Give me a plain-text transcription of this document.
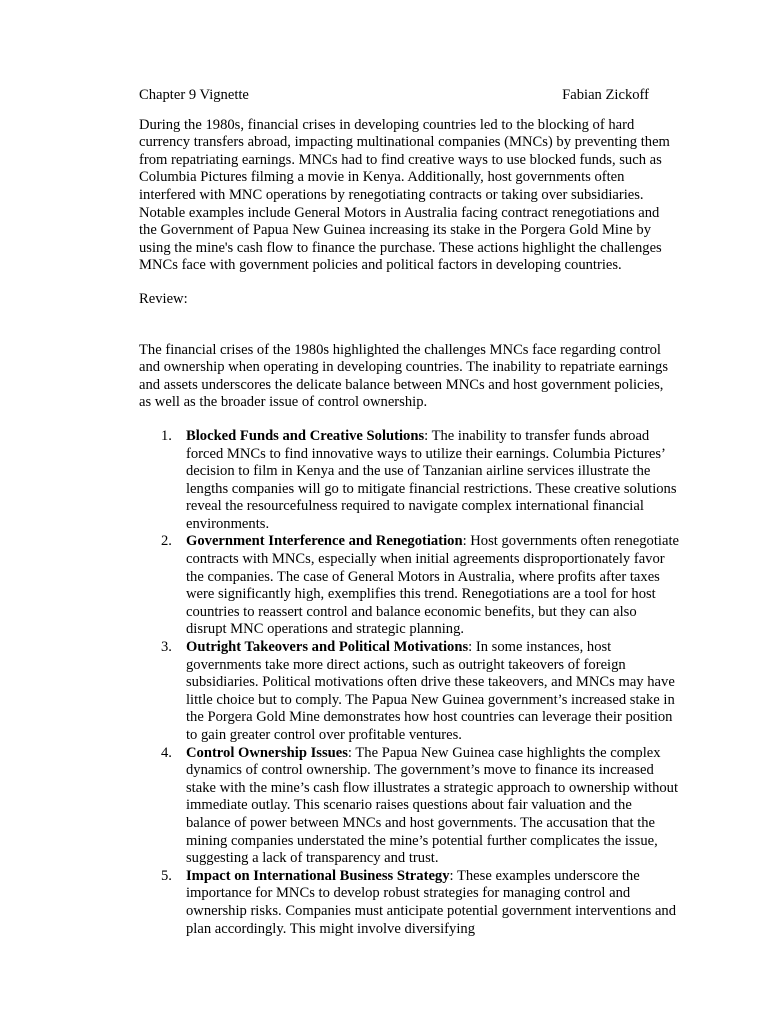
Chapter 9 Vignette	Fabian Zickoff

During the 1980s, financial crises in developing countries led to the blocking of hard currency transfers abroad, impacting multinational companies (MNCs) by preventing them from repatriating earnings. MNCs had to find creative ways to use blocked funds, such as Columbia Pictures filming a movie in Kenya. Additionally, host governments often interfered with MNC operations by renegotiating contracts or taking over subsidiaries. Notable examples include General Motors in Australia facing contract renegotiations and the Government of Papua New Guinea increasing its stake in the Porgera Gold Mine by using the mine's cash flow to finance the purchase. These actions highlight the challenges MNCs face with government policies and political factors in developing countries.

Review:

The financial crises of the 1980s highlighted the challenges MNCs face regarding control and ownership when operating in developing countries. The inability to repatriate earnings and assets underscores the delicate balance between MNCs and host government policies, as well as the broader issue of control ownership.

1. Blocked Funds and Creative Solutions: The inability to transfer funds abroad forced MNCs to find innovative ways to utilize their earnings. Columbia Pictures’ decision to film in Kenya and the use of Tanzanian airline services illustrate the lengths companies will go to mitigate financial restrictions. These creative solutions reveal the resourcefulness required to navigate complex international financial environments.
2. Government Interference and Renegotiation: Host governments often renegotiate contracts with MNCs, especially when initial agreements disproportionately favor the companies. The case of General Motors in Australia, where profits after taxes were significantly high, exemplifies this trend. Renegotiations are a tool for host countries to reassert control and balance economic benefits, but they can also disrupt MNC operations and strategic planning.
3. Outright Takeovers and Political Motivations: In some instances, host governments take more direct actions, such as outright takeovers of foreign subsidiaries. Political motivations often drive these takeovers, and MNCs may have little choice but to comply. The Papua New Guinea government’s increased stake in the Porgera Gold Mine demonstrates how host countries can leverage their position to gain greater control over profitable ventures.
4. Control Ownership Issues: The Papua New Guinea case highlights the complex dynamics of control ownership. The government’s move to finance its increased stake with the mine’s cash flow illustrates a strategic approach to ownership without immediate outlay. This scenario raises questions about fair valuation and the balance of power between MNCs and host governments. The accusation that the mining companies understated the mine’s potential further complicates the issue, suggesting a lack of transparency and trust.
5. Impact on International Business Strategy: These examples underscore the importance for MNCs to develop robust strategies for managing control and ownership risks. Companies must anticipate potential government interventions and plan accordingly. This might involve diversifying
